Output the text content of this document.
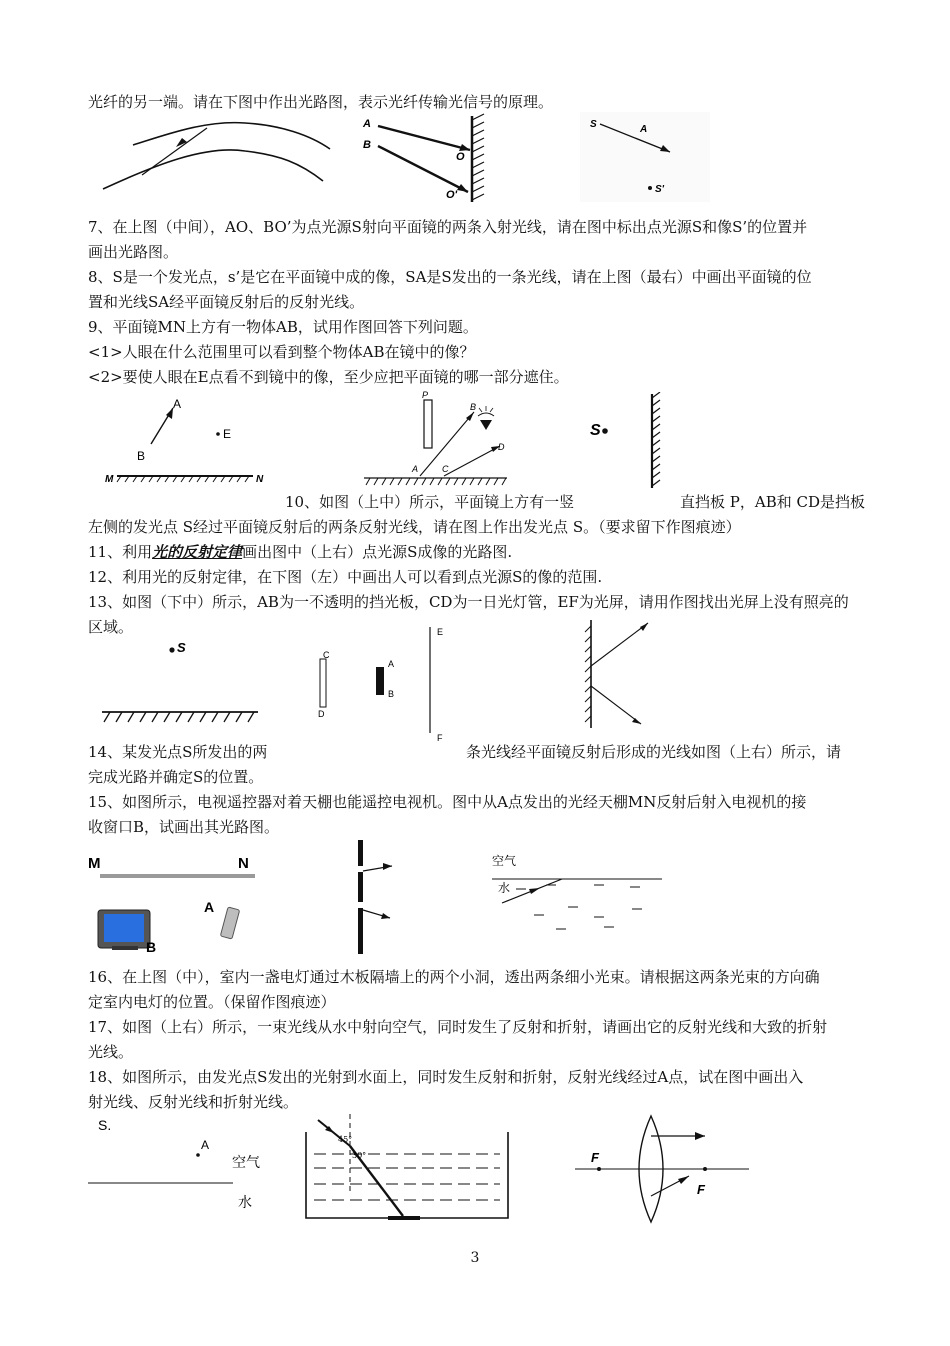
光纤的另一端。请在下图中作出光路图，表示光纤传输光信号的原理。

7、在上图（中间），AO、BO’为点光源S射向平面镜的两条入射光线，请在图中标出点光源S和像S’的位置并

画出光路图。

8、S是一个发光点，s’是它在平面镜中成的像，SA是S发出的一条光线，请在上图（最右）中画出平面镜的位

置和光线SA经平面镜反射后的反射光线。

9、平面镜MN上方有一物体AB，试用作图回答下列问题。

<1>人眼在什么范围里可以看到整个物体AB在镜中的像？

<2>要使人眼在E点看不到镜中的像，至少应把平面镜的哪一部分遮住。

10、如图（上中）所示，平面镜上方有一竖	直挡板 P，AB和 CD是挡板

左侧的发光点 S经过平面镜反射后的两条反射光线，请在图上作出发光点 S。（要求留下作图痕迹）

11、利用光的反射定律画出图中（上右）点光源S成像的光路图.

12、利用光的反射定律，在下图（左）中画出人可以看到点光源S的像的范围.

13、如图（下中）所示，AB为一不透明的挡光板，CD为一日光灯管，EF为光屏，请用作图找出光屏上没有照亮的

区域。

14、某发光点S所发出的两	条光线经平面镜反射后形成的光线如图（上右）所示，请

完成光路并确定S的位置。

15、如图所示，电视遥控器对着天棚也能遥控电视机。图中从A点发出的光经天棚MN反射后射入电视机的接

收窗口B，试画出其光路图。

16、在上图（中），室内一盏电灯通过木板隔墙上的两个小洞，透出两条细小光束。请根据这两条光束的方向确

定室内电灯的位置。（保留作图痕迹）

17、如图（上右）所示，一束光线从水中射向空气，同时发生了反射和折射，请画出它的反射光线和大致的折射

光线。

18、如图所示，由发光点S发出的光射到水面上，同时发生反射和折射，反射光线经过A点，试在图中画出入

射光线、反射光线和折射光线。

3
A
B
O
O'
S	A
S'
A
B
E
M	N
P
A
B
C
D
S
S	C
D
A
B
E
F
M	N
B
A
空气
水
S.
A
空气
水
45°
30°	F
F
